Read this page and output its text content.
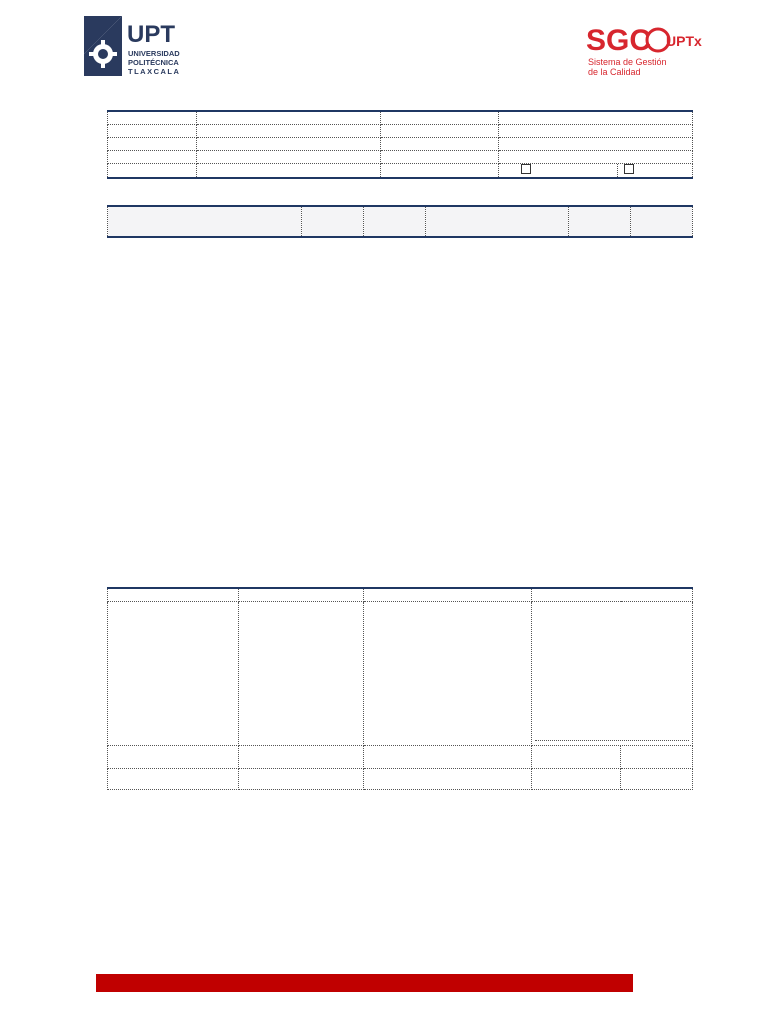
UPT
UNIVERSIDAD
POLITÉCNICA
TLAXCALA
SGC UPTx
Sistema de Gestión
de la Calidad
